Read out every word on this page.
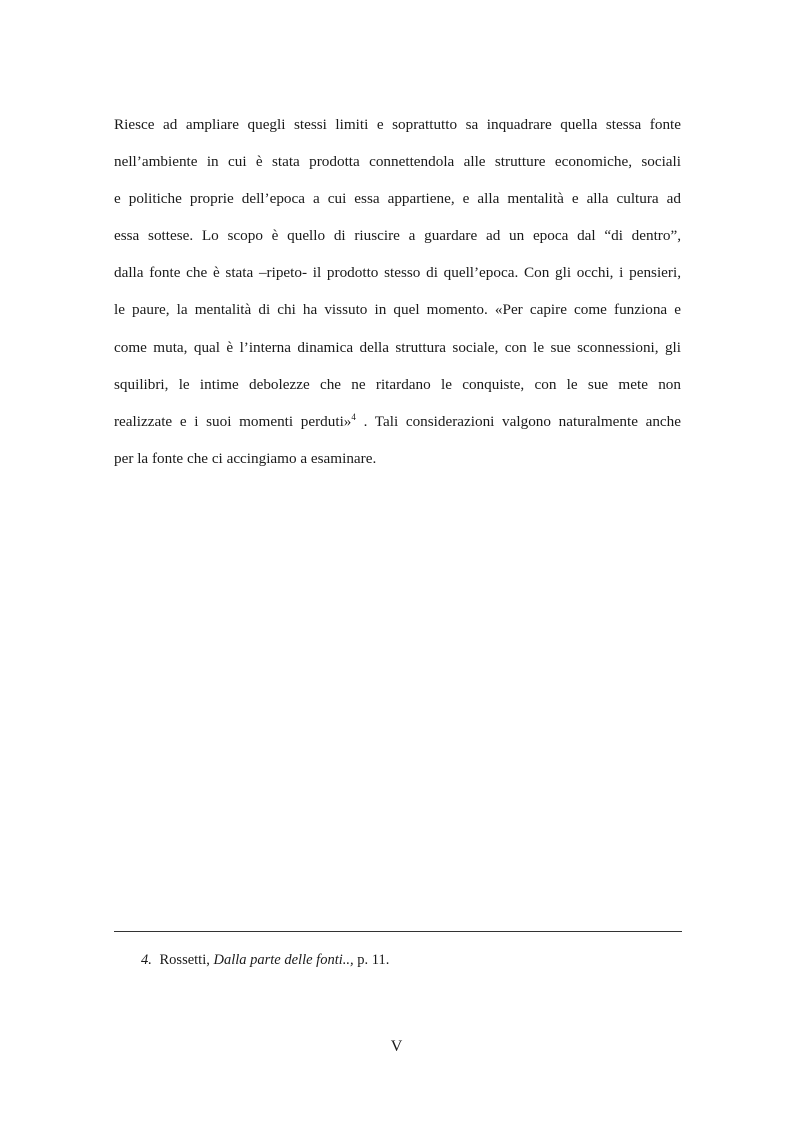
Riesce ad ampliare quegli stessi limiti e soprattutto sa inquadrare quella stessa fonte
nell’ambiente in cui è stata prodotta connettendola alle strutture economiche, sociali
e politiche proprie dell’epoca a cui essa appartiene, e alla mentalità e alla cultura ad
essa sottese. Lo scopo è quello di riuscire a guardare ad un epoca dal “di dentro”,
dalla fonte che è stata –ripeto- il prodotto stesso di quell’epoca. Con gli occhi, i pensieri,
le paure, la mentalità di chi ha vissuto in quel momento. «Per capire come funziona e
come muta, qual è l’interna dinamica della struttura sociale, con le sue sconnessioni, gli
squilibri, le intime debolezze che ne ritardano le conquiste, con le sue mete non
realizzate e i suoi momenti perduti»$^4$ . Tali considerazioni valgono naturalmente anche
per la fonte che ci accingiamo a esaminare.
4. Rossetti, Dalla parte delle fonti.., p. 11.
V
